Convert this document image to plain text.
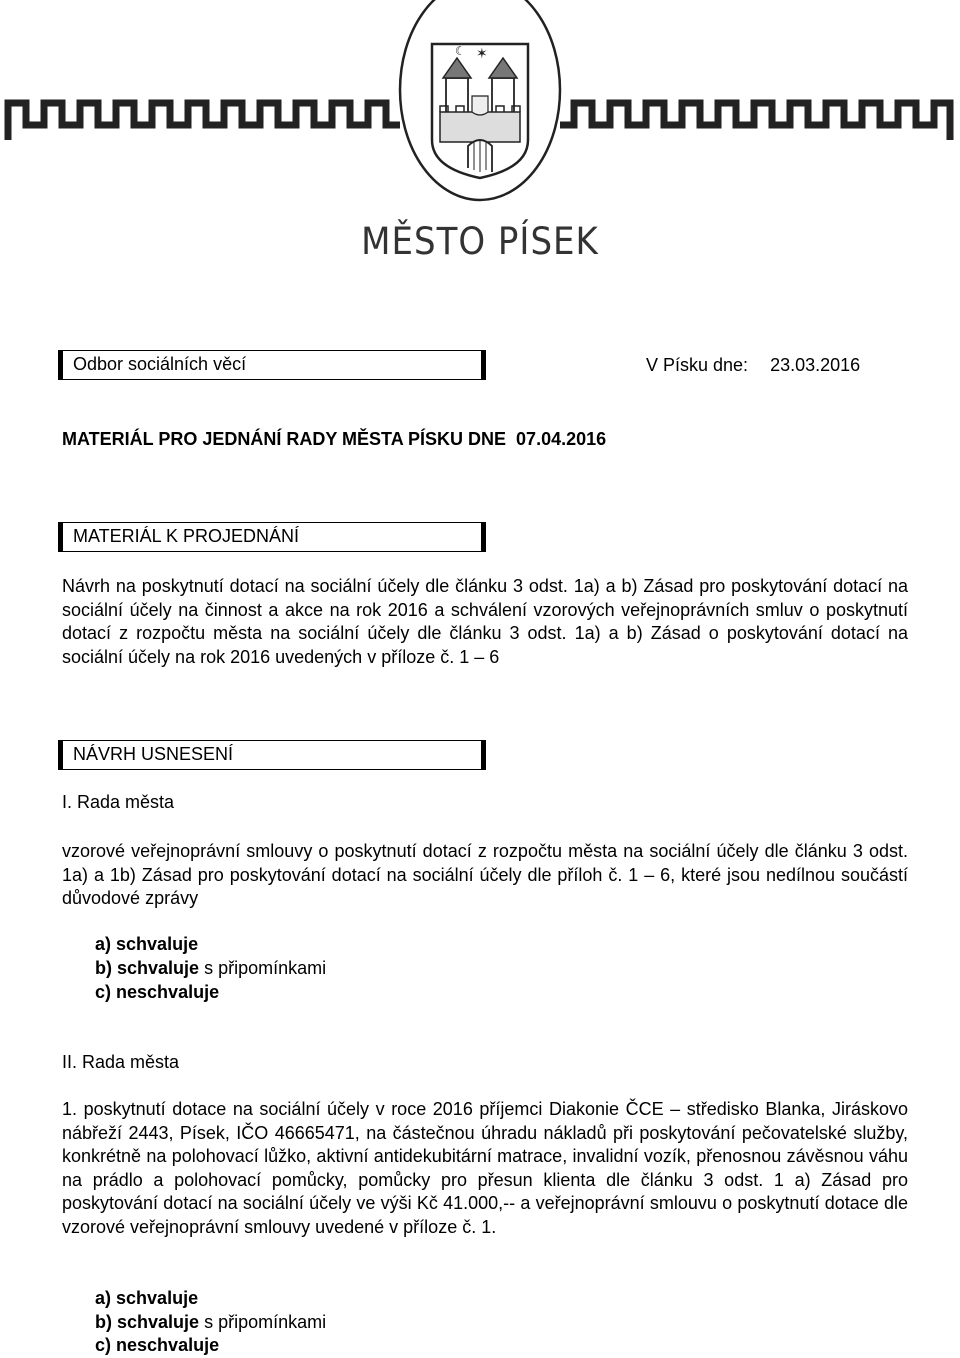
✶
☾
MĚSTO PÍSEK
Odbor sociálních věcí	V Písku dne: 23.03.2016
MATERIÁL PRO JEDNÁNÍ RADY MĚSTA PÍSKU DNE  07.04.2016
MATERIÁL K PROJEDNÁNÍ
Návrh na poskytnutí dotací na sociální účely dle článku 3 odst. 1a) a b) Zásad pro poskytování dotací na sociální účely na činnost a akce na rok 2016 a schválení vzorových veřejnoprávních smluv o poskytnutí dotací z rozpočtu města na sociální účely dle článku 3 odst. 1a) a b) Zásad o poskytování dotací na sociální účely na rok 2016 uvedených v příloze č. 1 – 6
NÁVRH USNESENÍ
I. Rada města
vzorové veřejnoprávní smlouvy o poskytnutí dotací z rozpočtu města na sociální účely dle článku 3 odst. 1a) a 1b) Zásad pro poskytování dotací na sociální účely dle příloh č. 1 – 6, které jsou nedílnou součástí důvodové zprávy
a) schvaluje
b) schvaluje s připomínkami
c) neschvaluje
II. Rada města
1. poskytnutí dotace na sociální účely v roce 2016 příjemci Diakonie ČCE – středisko Blanka, Jiráskovo nábřeží 2443, Písek, IČO 46665471, na částečnou úhradu nákladů při poskytování pečovatelské služby, konkrétně na polohovací lůžko, aktivní antidekubitární matrace, invalidní vozík, přenosnou závěsnou váhu na prádlo a polohovací pomůcky, pomůcky pro přesun klienta dle článku 3 odst. 1 a) Zásad pro poskytování dotací na sociální účely ve výši Kč 41.000,-- a veřejnoprávní smlouvu o poskytnutí dotace dle vzorové veřejnoprávní smlouvy uvedené v příloze č. 1.
a) schvaluje
b) schvaluje s připomínkami
c) neschvaluje
